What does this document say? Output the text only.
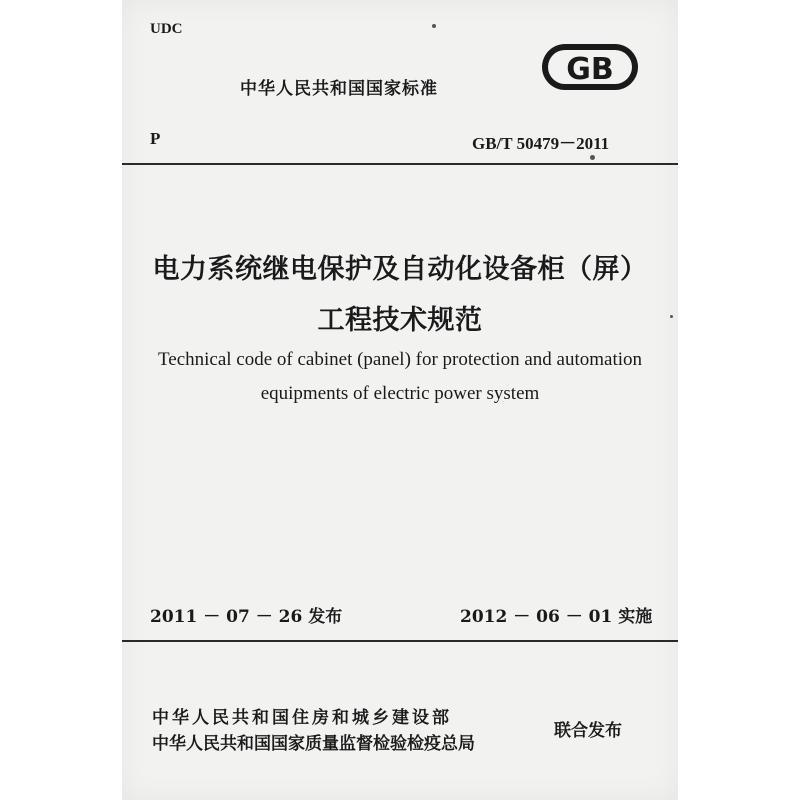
UDC
中华人民共和国国家标准
GB
P	GB/T 50479－2011
电力系统继电保护及自动化设备柜（屏）
工程技术规范
Technical code of cabinet (panel) for protection and automation
equipments of electric power system
2011 － 07 － 26 发布	2012 － 06 － 01 实施
中华人民共和国住房和城乡建设部
中华人民共和国国家质量监督检验检疫总局
联合发布
